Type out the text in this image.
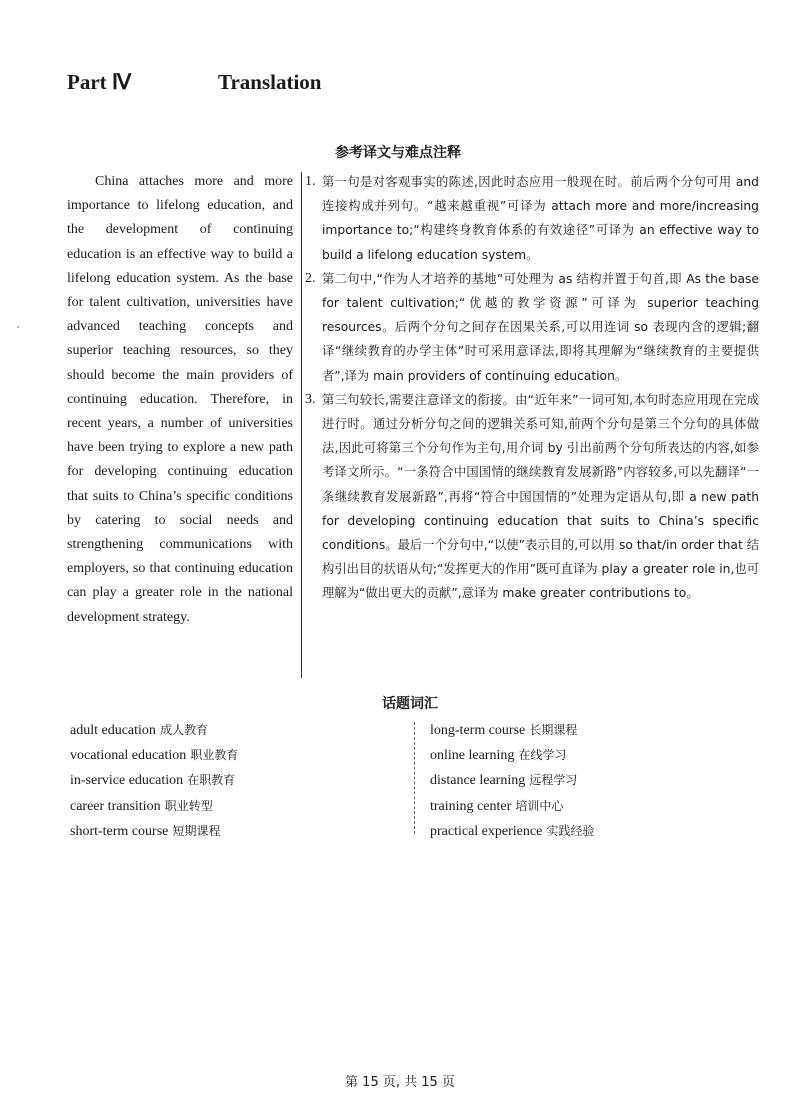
Part Ⅳ	Translation
参考译文与难点注释

China attaches more and more importance to lifelong education, and the development of continuing education is an effective way to build a lifelong education system. As the base for talent cultivation, universities have advanced teaching concepts and superior teaching resources, so they should become the main providers of continuing education. Therefore, in recent years, a number of universities have been trying to explore a new path for developing continuing education that suits to China’s specific conditions by catering to social needs and strengthening communications with employers, so that continuing education can play a greater role in the national development strategy.

1. 第一句是对客观事实的陈述,因此时态应用一般现在时。前后两个分句可用 and 连接构成并列句。“越来越重视”可译为 attach more and more/increasing importance to;“构建终身教育体系的有效途径”可译为 an effective way to build a lifelong education system。
2. 第二句中,“作为人才培养的基地”可处理为 as 结构并置于句首,即 As the base for talent cultivation;“优越的教学资源”可译为 superior teaching resources。后两个分句之间存在因果关系,可以用连词 so 表现内含的逻辑;翻译“继续教育的办学主体”时可采用意译法,即将其理解为“继续教育的主要提供者”,译为 main providers of continuing education。
3. 第三句较长,需要注意译文的衔接。由“近年来”一词可知,本句时态应用现在完成进行时。通过分析分句之间的逻辑关系可知,前两个分句是第三个分句的具体做法,因此可将第三个分句作为主句,用介词 by 引出前两个分句所表达的内容,如参考译文所示。“一条符合中国国情的继续教育发展新路”内容较多,可以先翻译“一条继续教育发展新路”,再将“符合中国国情的”处理为定语从句,即 a new path for developing continuing education that suits to China’s specific conditions。最后一个分句中,“以使”表示目的,可以用 so that/in order that 结构引出目的状语从句;“发挥更大的作用”既可直译为 play a greater role in,也可理解为“做出更大的贡献”,意译为 make greater contributions to。
话题词汇
adult education 成人教育
vocational education 职业教育
in-service education 在职教育
career transition 职业转型
short-term course 短期课程
long-term course 长期课程
online learning 在线学习
distance learning 远程学习
training center 培训中心
practical experience 实践经验
第 15 页, 共 15 页
